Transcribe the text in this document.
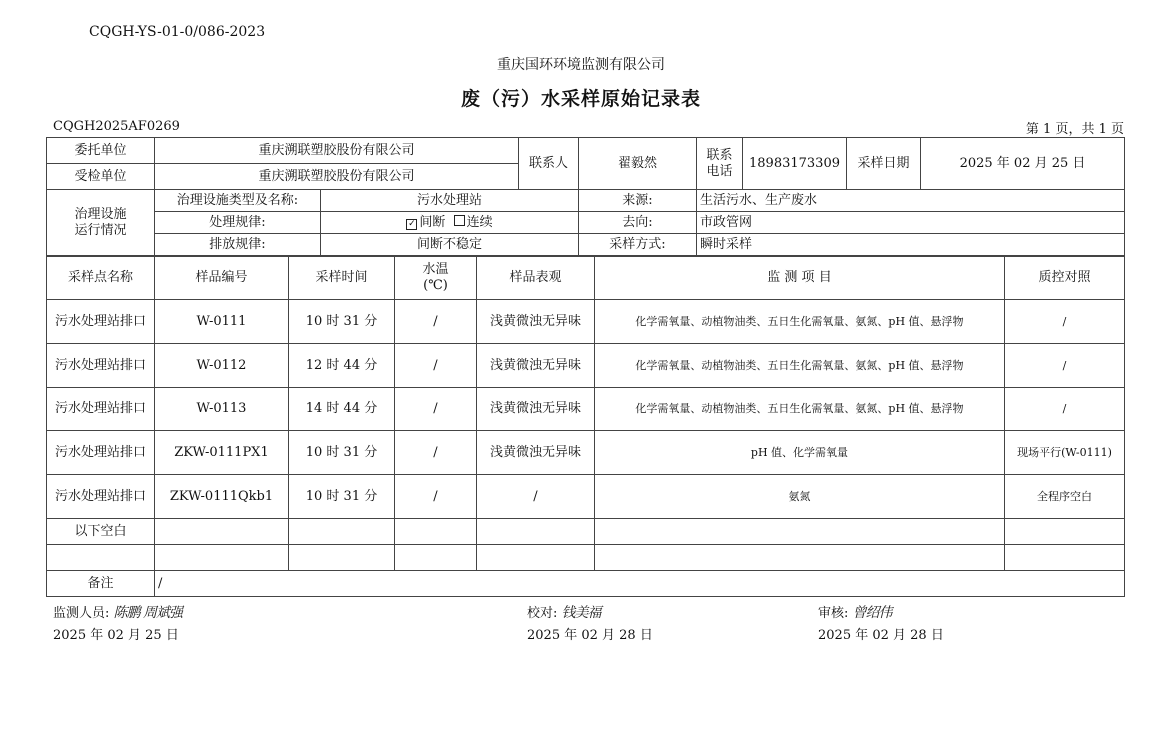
CQGH-YS-01-0/086-2023
重庆国环环境监测有限公司
废（污）水采样原始记录表
CQGH2025AF0269	第 1 页，共 1 页
委托单位	重庆溯联塑胶股份有限公司	联系人	翟毅然	联系
电话	18983173309	采样日期	2025 年 02 月 25 日
受检单位	重庆溯联塑胶股份有限公司						
治理设施
运行情况	治理设施类型及名称:	污水处理站	来源:	生活污水、生产废水
	处理规律:	✓ 间断 连续	去向:	市政管网
	排放规律:	间断不稳定	采样方式:	瞬时采样
采样点名称	样品编号	采样时间	水温
(℃)	样品表观	监 测 项 目	质控对照
污水处理站排口	W-0111	10 时 31 分	/	浅黄微浊无异味	化学需氧量、动植物油类、五日生化需氧量、氨氮、pH 值、悬浮物	/
污水处理站排口	W-0112	12 时 44 分	/	浅黄微浊无异味	化学需氧量、动植物油类、五日生化需氧量、氨氮、pH 值、悬浮物	/
污水处理站排口	W-0113	14 时 44 分	/	浅黄微浊无异味	化学需氧量、动植物油类、五日生化需氧量、氨氮、pH 值、悬浮物	/
污水处理站排口	ZKW-0111PX1	10 时 31 分	/	浅黄微浊无异味	pH 值、化学需氧量	现场平行(W-0111)
污水处理站排口	ZKW-0111Qkb1	10 时 31 分	/	/	氨氮	全程序空白
以下空白						

备注	/					
监测人员: 陈鹏 周斌强
2025 年 02 月 25 日
校对: 钱美福
2025 年 02 月 28 日
审核: 曾绍伟
2025 年 02 月 28 日
